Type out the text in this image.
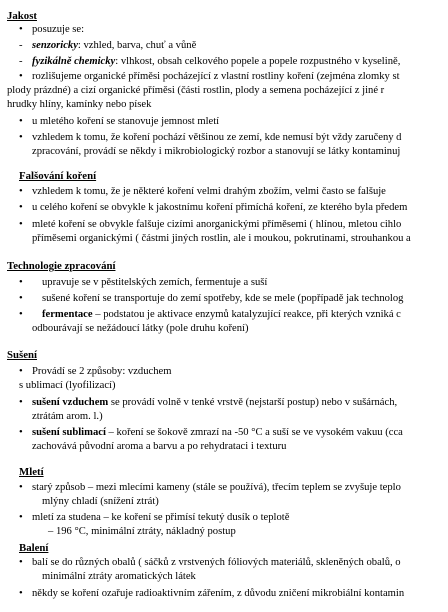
Jakost
• posuzuje se:
- senzoricky: vzhled, barva, chuť a vůně
- fyzikálně chemicky: vlhkost, obsah celkového popele a popele rozpustného v kyselině,
• rozlišujeme organické příměsi pocházející z vlastní rostliny koření (zejména zlomky st
plody prázdné) a cizí organické příměsi (části rostlin, plody a semena pocházející z jiné r
hrudky hlíny, kamínky nebo písek
• u mletého koření se stanovuje jemnost mletí
• vzhledem k tomu, že koření pochází většinou ze zemí, kde nemusí být vždy zaručeny d
zpracování, provádí se někdy i mikrobiologický rozbor a stanovují se látky kontaminuj
Falšování koření
• vzhledem k tomu, že je některé koření velmi drahým zbožím, velmi často se falšuje
• u celého koření se obvykle k jakostnímu koření přimíchá koření, ze kterého byla předem
• mleté koření se obvykle falšuje cizími anorganickými příměsemi ( hlínou, mletou cihlo
příměsemi organickými ( částmi jiných rostlin, ale i moukou, pokrutinami, strouhankou a
Technologie zpracování
•	upravuje se v pěstitelských zemích, fermentuje a suší
•	sušené koření se transportuje do zemí spotřeby, kde se mele (popřípadě jak technolog
•	fermentace – podstatou je aktivace enzymů katalyzující reakce, při kterých vzniká c
odbourávají se nežádoucí látky (pole druhu koření)
Sušení
• Provádí se 2 způsoby: vzduchem
s ublimací (lyofilizací)
• sušení vzduchem se provádí volně v tenké vrstvě (nejstarší postup) nebo v sušárnách,
ztrátám arom. l.)
• sušení sublimací – koření se šokově zmrazí na -50 °C a suší se ve vysokém vakuu (cca
zachovává původní aroma a barvu a po rehydrataci i texturu
Mletí
• starý způsob – mezi mlecími kameny (stále se používá), třecím teplem se zvyšuje teplo
mlýny chladí (snížení ztrát)
• mletí za studena – ke koření se přimísí tekutý dusík o teplotě
– 196 °C, minimální ztráty, nákladný postup
Balení
• balí se do různých obalů ( sáčků z vrstvených fóliových materiálů, skleněných obalů, o
minimální ztráty aromatických látek
• někdy se koření ozařuje radioaktivním zářením, z důvodu zničení mikrobiální kontamin
